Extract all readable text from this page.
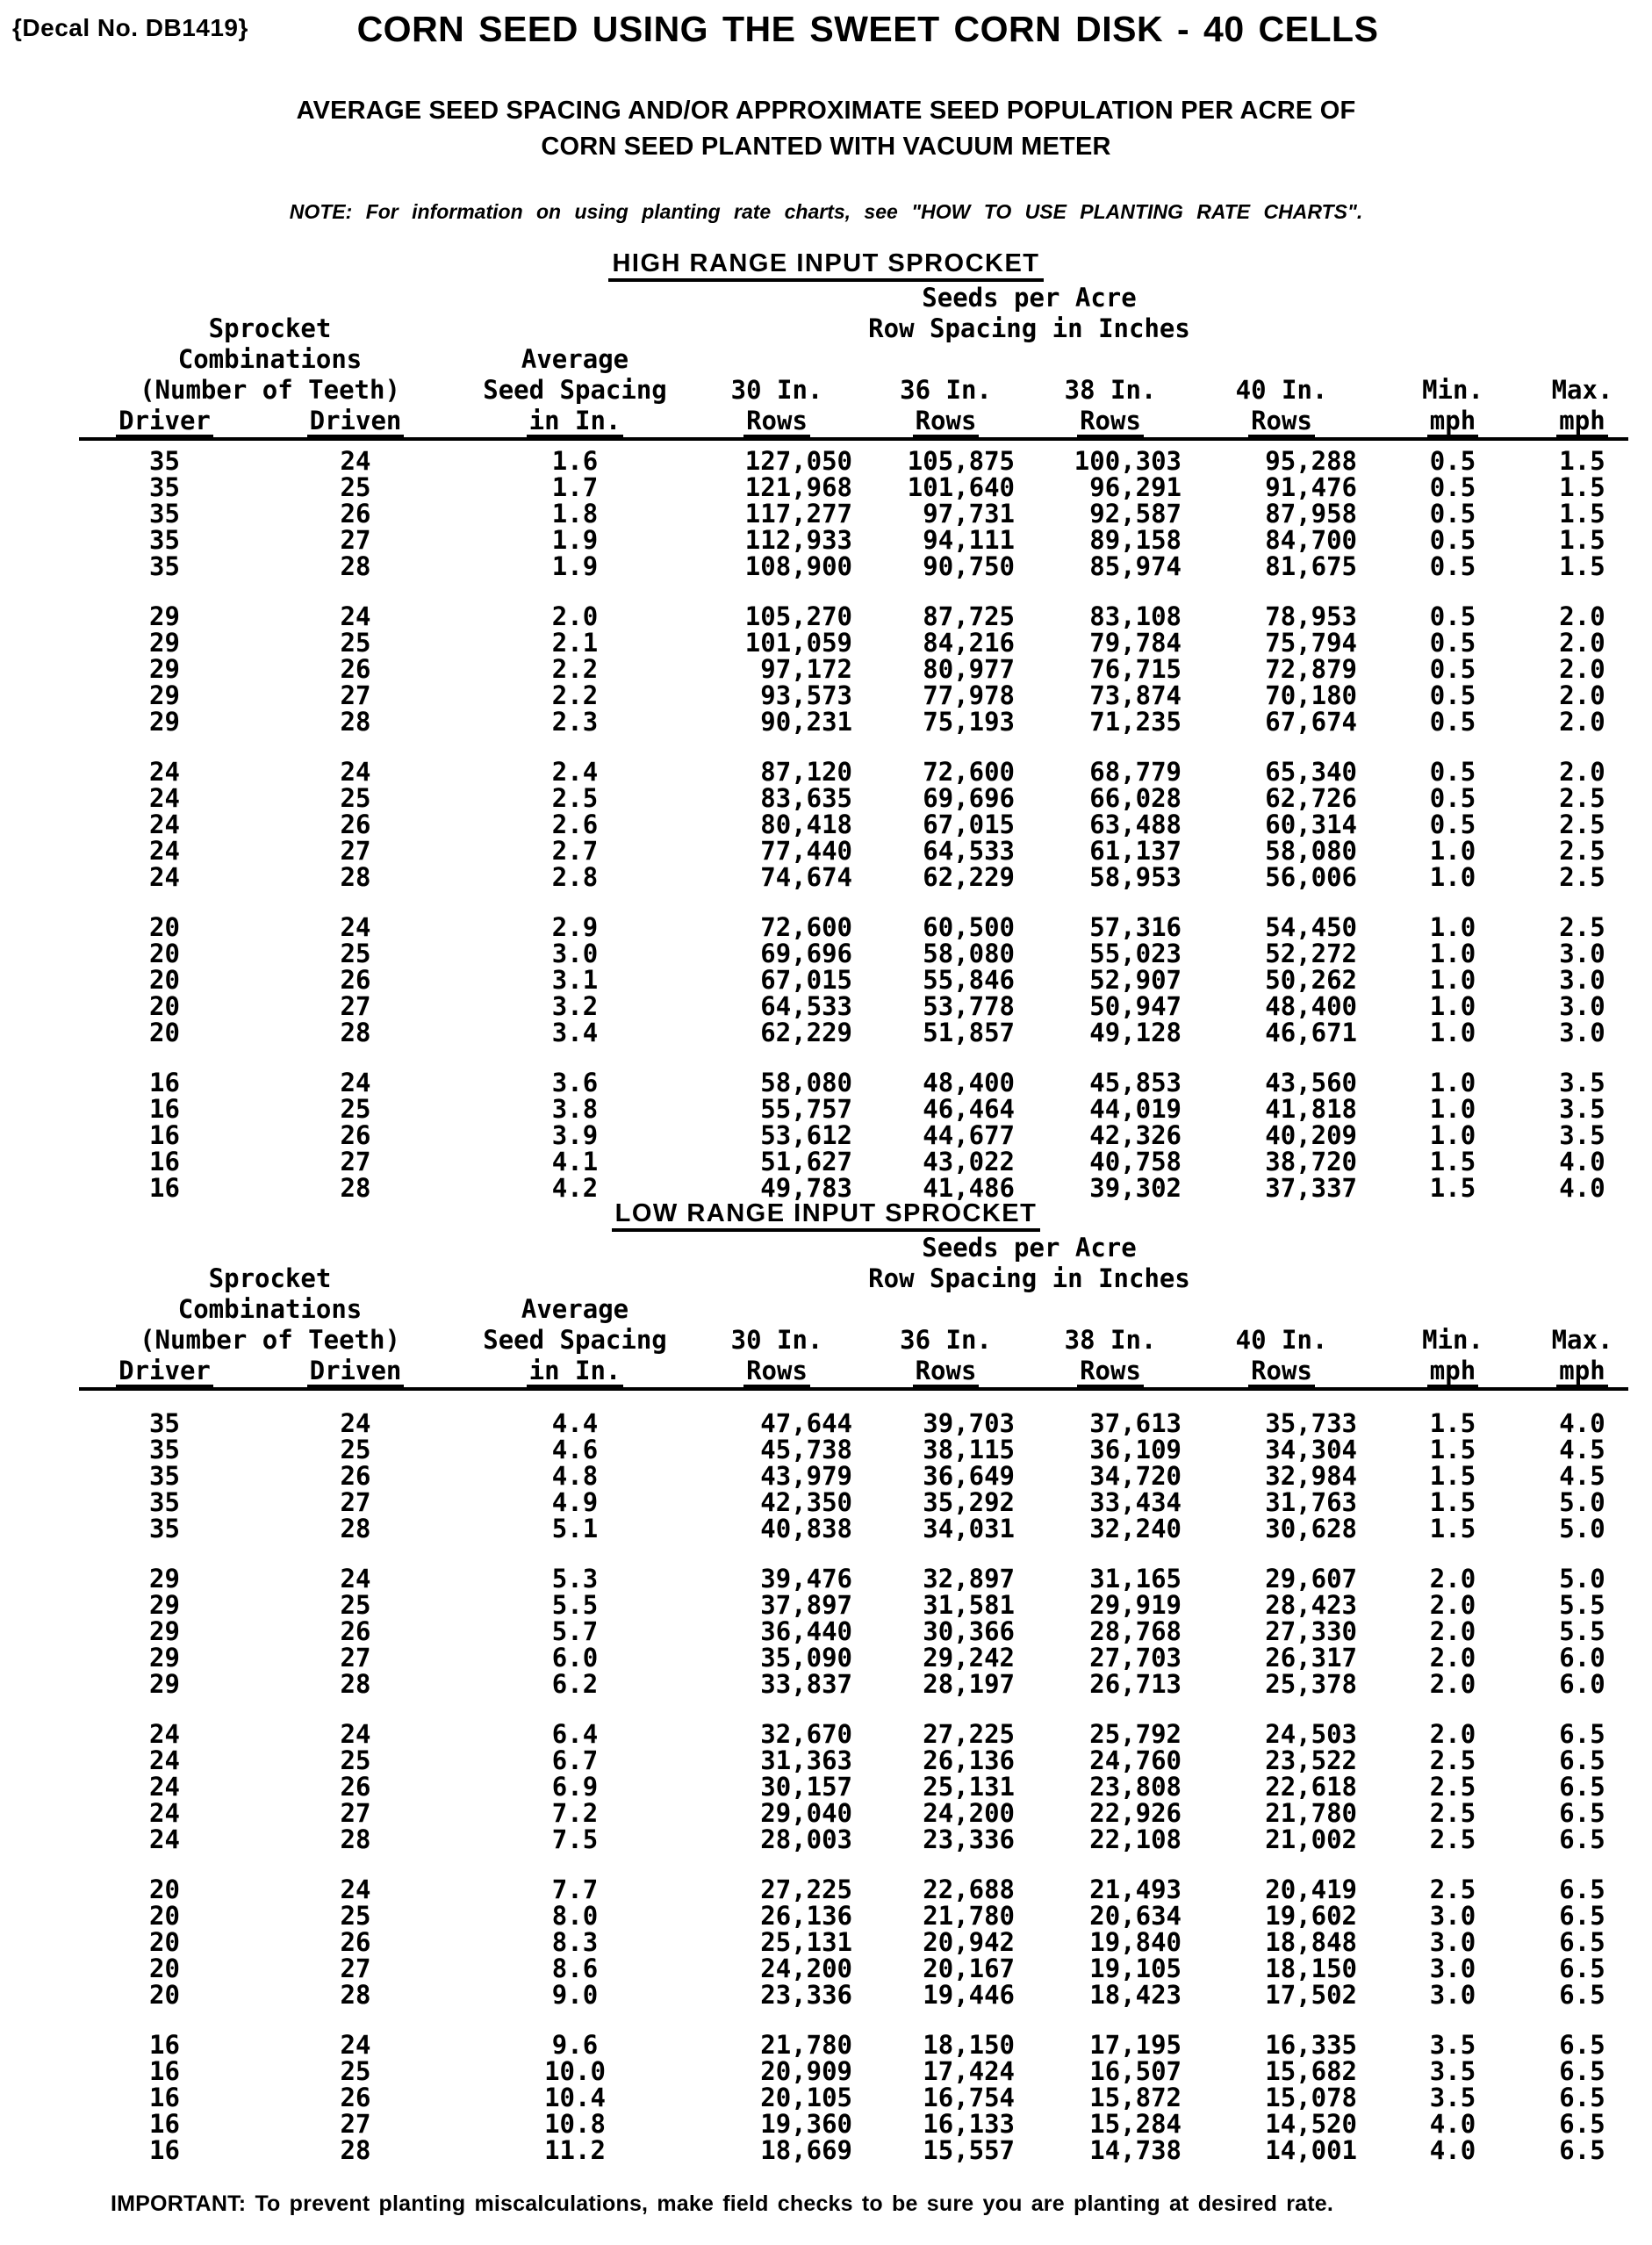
{Decal No. DB1419}	CORN SEED USING THE SWEET CORN DISK - 40 CELLS
AVERAGE SEED SPACING AND/OR APPROXIMATE SEED POPULATION PER ACRE OF
CORN SEED PLANTED WITH VACUUM METER
NOTE: For information on using planting rate charts, see "HOW TO USE PLANTING RATE CHARTS".
HIGH RANGE INPUT SPROCKET
Seeds per Acre
Row Spacing in Inches
Sprocket
Combinations	Average
(Number of Teeth)	Seed Spacing	30 In.	36 In.	38 In.	40 In.	Min.	Max.
Driver	Driven	in In.	Rows	Rows	Rows	Rows	mph	mph
35	24	1.6	127,050	105,875	100,303	95,288	0.5	1.5
35	25	1.7	121,968	101,640	96,291	91,476	0.5	1.5
35	26	1.8	117,277	97,731	92,587	87,958	0.5	1.5
35	27	1.9	112,933	94,111	89,158	84,700	0.5	1.5
35	28	1.9	108,900	90,750	85,974	81,675	0.5	1.5
29	24	2.0	105,270	87,725	83,108	78,953	0.5	2.0
29	25	2.1	101,059	84,216	79,784	75,794	0.5	2.0
29	26	2.2	97,172	80,977	76,715	72,879	0.5	2.0
29	27	2.2	93,573	77,978	73,874	70,180	0.5	2.0
29	28	2.3	90,231	75,193	71,235	67,674	0.5	2.0
24	24	2.4	87,120	72,600	68,779	65,340	0.5	2.0
24	25	2.5	83,635	69,696	66,028	62,726	0.5	2.5
24	26	2.6	80,418	67,015	63,488	60,314	0.5	2.5
24	27	2.7	77,440	64,533	61,137	58,080	1.0	2.5
24	28	2.8	74,674	62,229	58,953	56,006	1.0	2.5
20	24	2.9	72,600	60,500	57,316	54,450	1.0	2.5
20	25	3.0	69,696	58,080	55,023	52,272	1.0	3.0
20	26	3.1	67,015	55,846	52,907	50,262	1.0	3.0
20	27	3.2	64,533	53,778	50,947	48,400	1.0	3.0
20	28	3.4	62,229	51,857	49,128	46,671	1.0	3.0
16	24	3.6	58,080	48,400	45,853	43,560	1.0	3.5
16	25	3.8	55,757	46,464	44,019	41,818	1.0	3.5
16	26	3.9	53,612	44,677	42,326	40,209	1.0	3.5
16	27	4.1	51,627	43,022	40,758	38,720	1.5	4.0
16	28	4.2	49,783	41,486	39,302	37,337	1.5	4.0
LOW RANGE INPUT SPROCKET
Seeds per Acre
Row Spacing in Inches
Sprocket
Combinations	Average
(Number of Teeth)	Seed Spacing	30 In.	36 In.	38 In.	40 In.	Min.	Max.
Driver	Driven	in In.	Rows	Rows	Rows	Rows	mph	mph
35	24	4.4	47,644	39,703	37,613	35,733	1.5	4.0
35	25	4.6	45,738	38,115	36,109	34,304	1.5	4.5
35	26	4.8	43,979	36,649	34,720	32,984	1.5	4.5
35	27	4.9	42,350	35,292	33,434	31,763	1.5	5.0
35	28	5.1	40,838	34,031	32,240	30,628	1.5	5.0
29	24	5.3	39,476	32,897	31,165	29,607	2.0	5.0
29	25	5.5	37,897	31,581	29,919	28,423	2.0	5.5
29	26	5.7	36,440	30,366	28,768	27,330	2.0	5.5
29	27	6.0	35,090	29,242	27,703	26,317	2.0	6.0
29	28	6.2	33,837	28,197	26,713	25,378	2.0	6.0
24	24	6.4	32,670	27,225	25,792	24,503	2.0	6.5
24	25	6.7	31,363	26,136	24,760	23,522	2.5	6.5
24	26	6.9	30,157	25,131	23,808	22,618	2.5	6.5
24	27	7.2	29,040	24,200	22,926	21,780	2.5	6.5
24	28	7.5	28,003	23,336	22,108	21,002	2.5	6.5
20	24	7.7	27,225	22,688	21,493	20,419	2.5	6.5
20	25	8.0	26,136	21,780	20,634	19,602	3.0	6.5
20	26	8.3	25,131	20,942	19,840	18,848	3.0	6.5
20	27	8.6	24,200	20,167	19,105	18,150	3.0	6.5
20	28	9.0	23,336	19,446	18,423	17,502	3.0	6.5
16	24	9.6	21,780	18,150	17,195	16,335	3.5	6.5
16	25	10.0	20,909	17,424	16,507	15,682	3.5	6.5
16	26	10.4	20,105	16,754	15,872	15,078	3.5	6.5
16	27	10.8	19,360	16,133	15,284	14,520	4.0	6.5
16	28	11.2	18,669	15,557	14,738	14,001	4.0	6.5
IMPORTANT: To prevent planting miscalculations, make field checks to be sure you are planting at desired rate.
